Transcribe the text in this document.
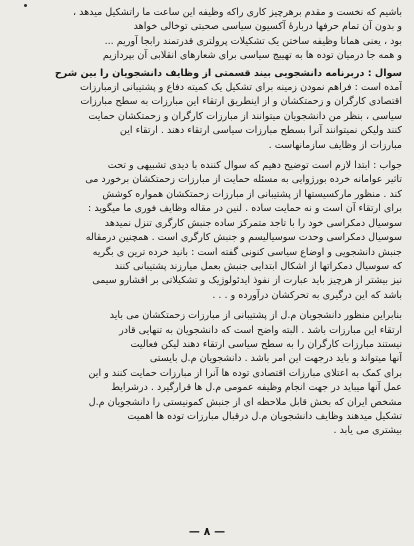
باشیم که نخست و مقدم برهرچیز کاری راکه وظیفه این ساعت ما راتشکیل میدهد ،
و بدون آن تمام حرفها دربارۀ آکسیون سیاسی صحبتی توخالی خواهد
بود ، یعنی همانا وظیفه ساختن یک تشکیلات پرولتری قدرتمند رابجا آوریم ...
و همه جا درمیان توده ها به تهییج سیاسی برای شعارهای انقلابی آن بپردازیم
سوال : دربرنامه دانشجویی بیند قسمتی از وظایف دانشجویان را بین شرح
آمده است : فراهم نمودن زمینه برای تشکیل یک کمیته دفاع و پشتیبانی ازمبارزات
اقتصادی کارگران و زحمتکشان و از اینطریق ارتقاء این مبارزات به سطح مبارزات
سیاسی ، بنظر من دانشجویان میتوانند از مبارزات کارگران و زحمتکشان حمایت
کنند ولیکن نمیتوانند آنرا بسطح مبارزات سیاسی ارتقاء دهند . ارتقاء این
مبارزات از وظایف سازمانهاست .
جواب : ابتدا لازم است توضیح دهیم که سوال کننده با دیدی تشبیهی و تحت
تاثیر عوامانه خرده بورژوایی به مسئله حمایت از مبارزات زحمتکشان برخورد می
کند . منظور مارکسیستها از پشتیبانی از مبارزات زحمتکشان همواره کوشش
برای ارتقاء آن است و نه حمایت ساده . لنین در مقاله وظایف فوری ما میگوید :
سوسیال دمکراسی خود را با تاجد متمرکز ساده جنبش کارگری تنزل نمیدهد
سوسیال دمکراسی وحدت سوسیالیسم و جنبش کارگری است . همچنین درمقاله
جنبش دانشجویی و اوضاع سیاسی کنونی گفته است : بانید خرده ترین ی بگریه
که سوسیال دمکراتها از اشکال ابتدایی جنبش بعمل میارزند پشتیبانی کنند
نیز بیشتر از هرچیز باید عبارت از نفوذ ایدئولوژیک و تشکیلاتی بر اقشارو سیمی
باشد که این درگیری به تحرکشان درآورده و . . .
بنابراین منظور دانشجویان م.ل از پشتیبانی از مبارزات زحمتکشان می باید
ارتقاء این مبارزات باشد . البته واضح است که دانشجویان به تنهایی قادر
نیستند مبارزات کارگران را به سطح سیاسی ارتقاء دهند لیکن فعالیت
آنها میتواند و باید درجهت این امر باشد . دانشجویان م.ل بایستی
برای کمک به اعتلای مبارزات اقتصادی توده ها آنرا از مبارزات حمایت کنند و این
عمل آنها میباید در جهت انجام وظیفه عمومی م.ل ها قرارگیرد . درشرایط
مشخص ایران که بخش قابل ملاحظه ای از جنبش کمونیستی را دانشجویان م.ل
تشکیل میدهند وظایف دانشجویان م.ل درقبال مبارزات توده ها اهمیت
بیشتری می یابد .
— ۸ —
